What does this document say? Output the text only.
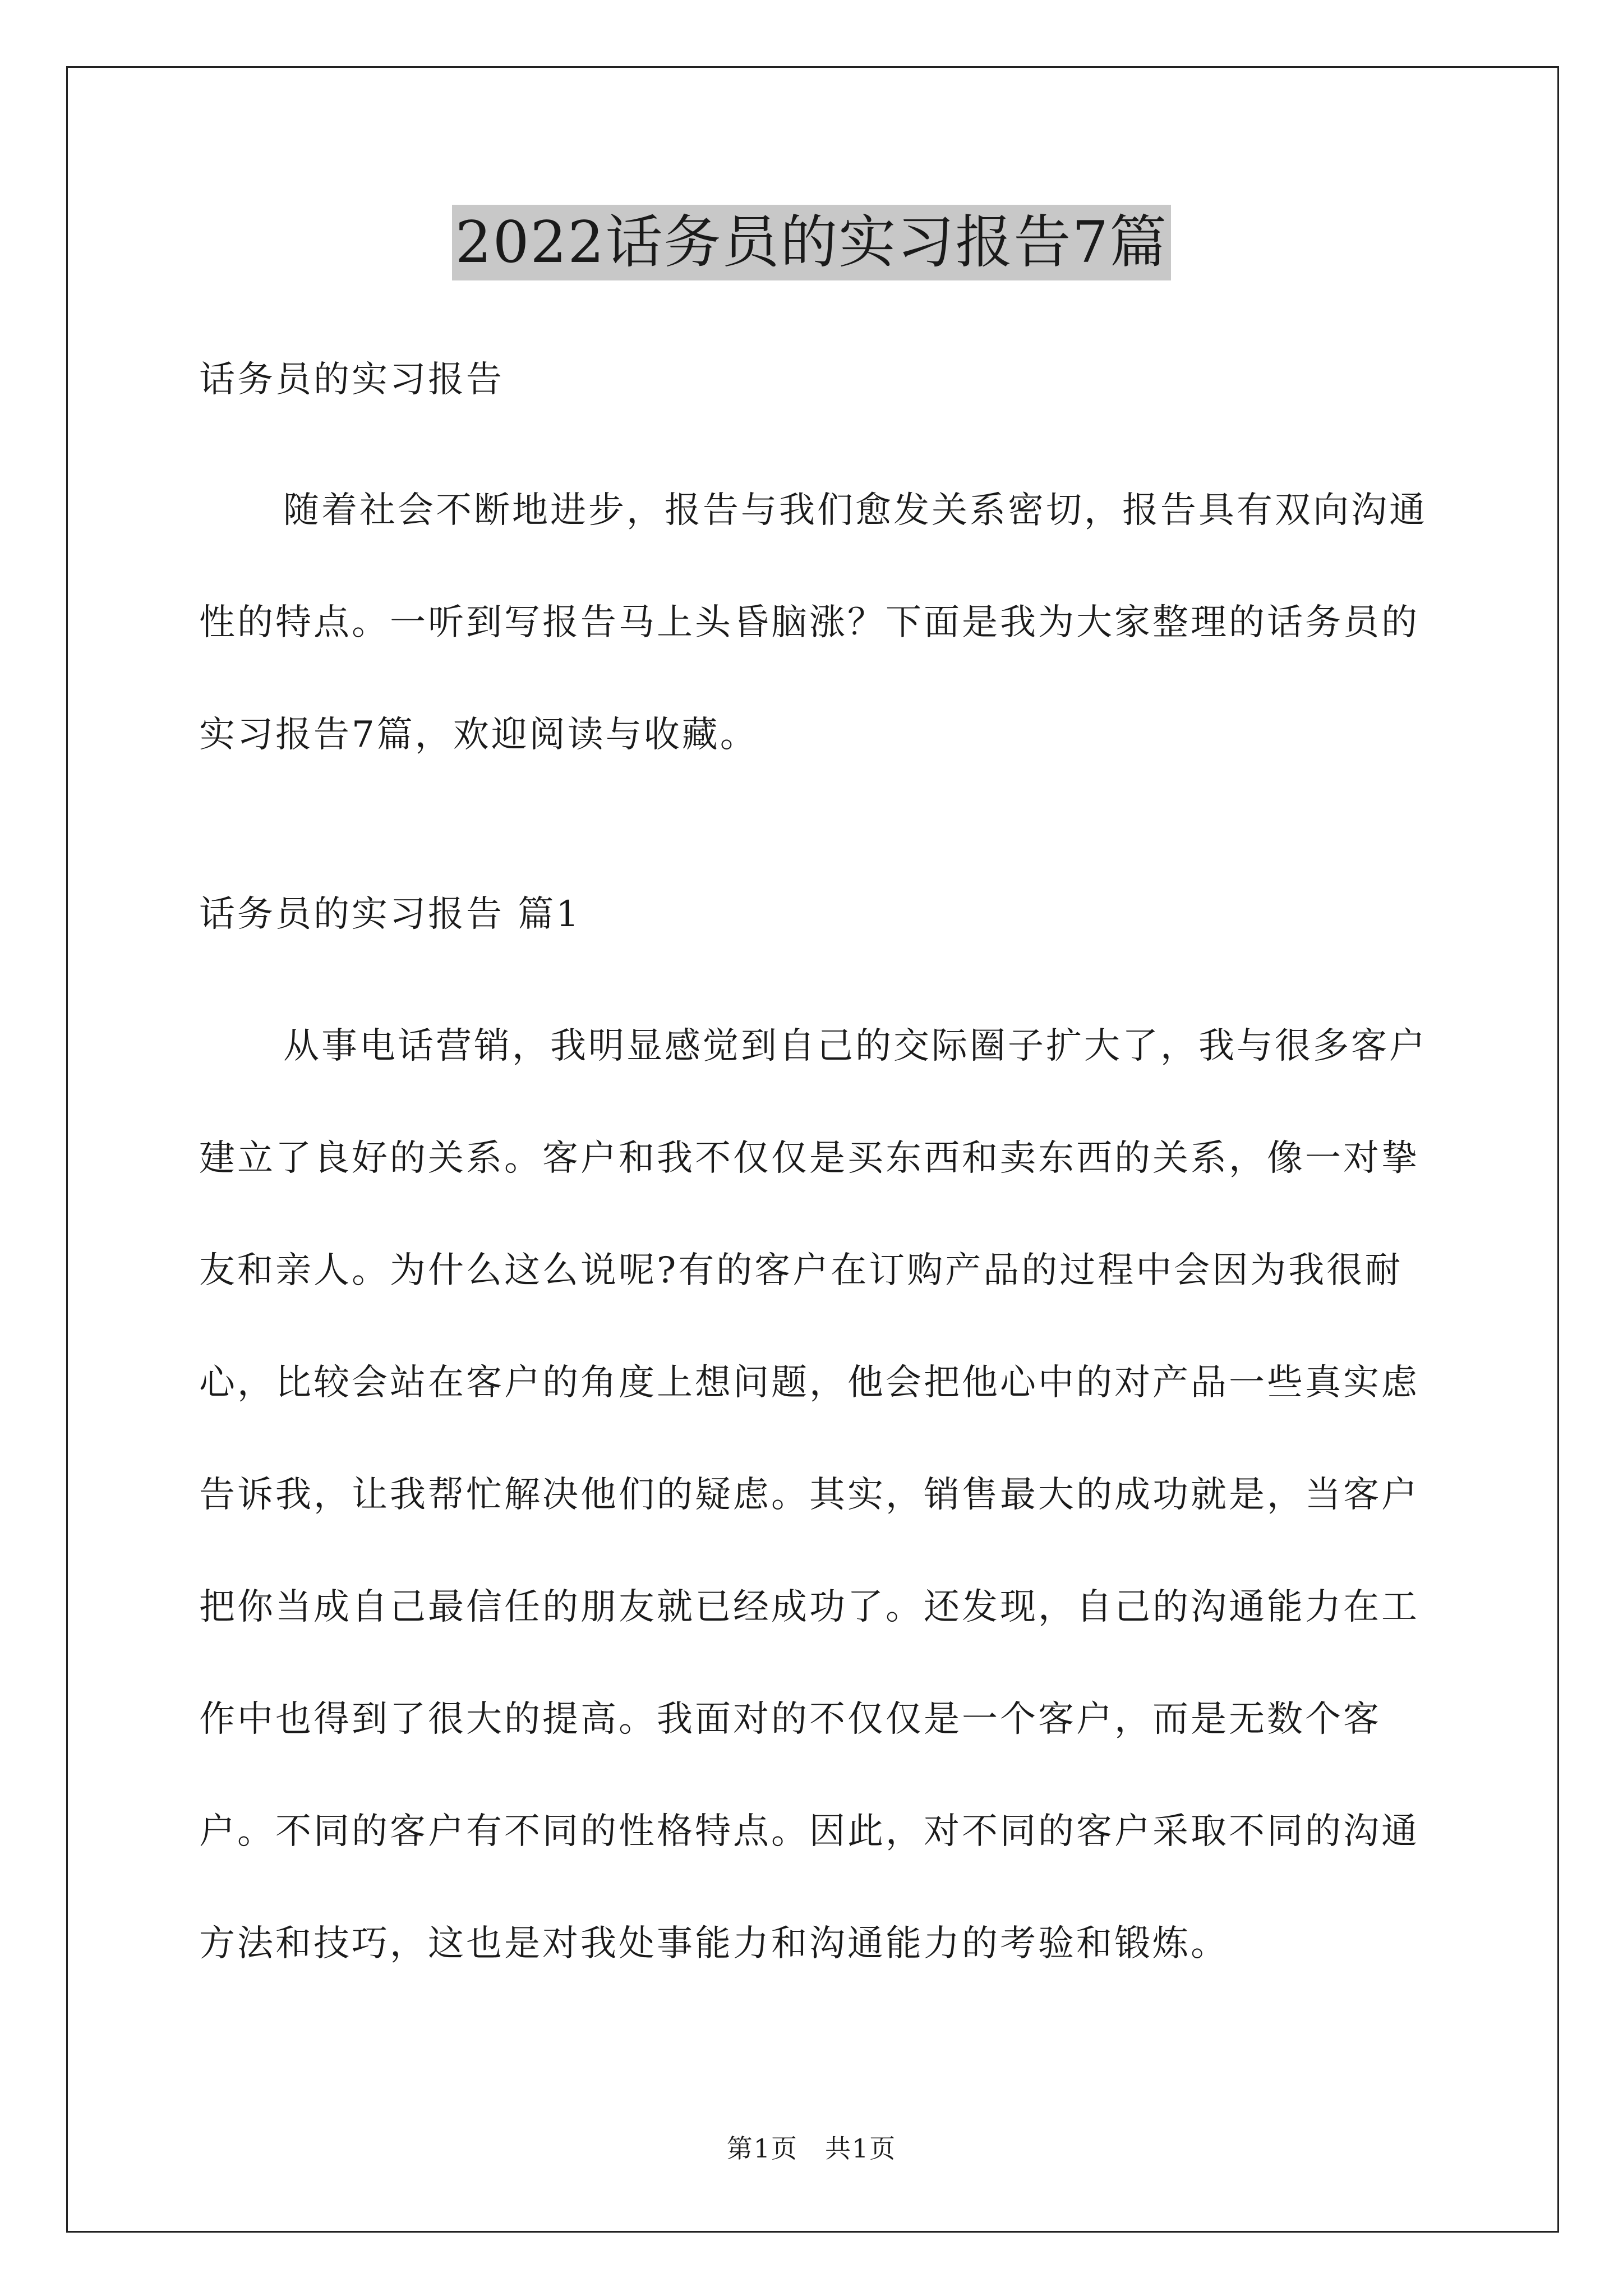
2022话务员的实习报告7篇
话务员的实习报告
随着社会不断地进步，报告与我们愈发关系密切，报告具有双向沟通性的特点。一听到写报告马上头昏脑涨？下面是我为大家整理的话务员的实习报告7篇，欢迎阅读与收藏。
话务员的实习报告 篇1
从事电话营销，我明显感觉到自己的交际圈子扩大了，我与很多客户建立了良好的关系。客户和我不仅仅是买东西和卖东西的关系，像一对挚友和亲人。为什么这么说呢?有的客户在订购产品的过程中会因为我很耐心，比较会站在客户的角度上想问题，他会把他心中的对产品一些真实虑告诉我，让我帮忙解决他们的疑虑。其实，销售最大的成功就是，当客户把你当成自己最信任的朋友就已经成功了。还发现，自己的沟通能力在工作中也得到了很大的提高。我面对的不仅仅是一个客户，而是无数个客户。不同的客户有不同的性格特点。因此，对不同的客户采取不同的沟通方法和技巧，这也是对我处事能力和沟通能力的考验和锻炼。
第1页　共1页
